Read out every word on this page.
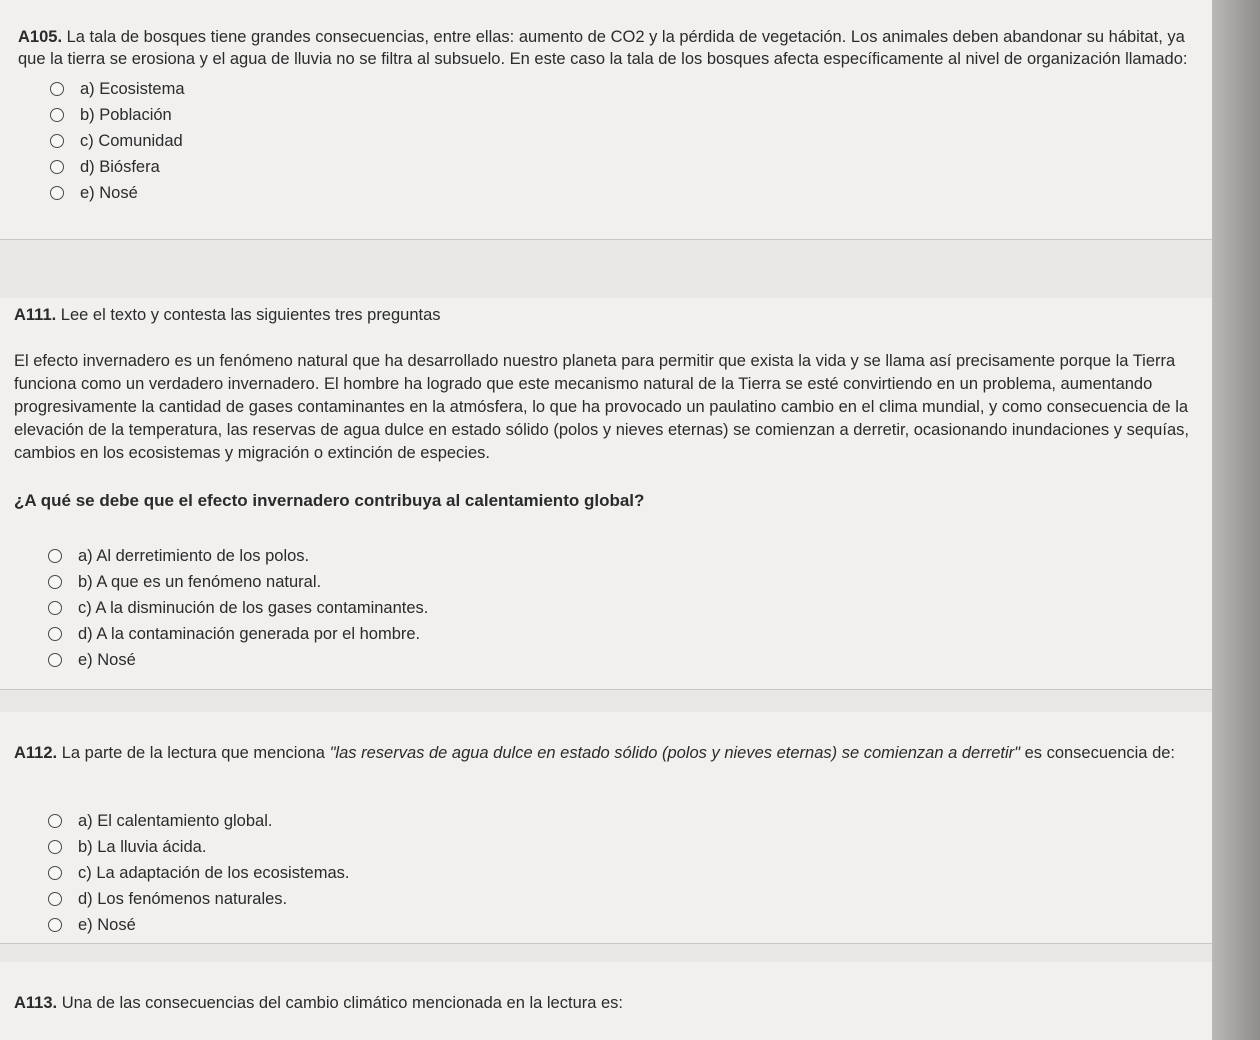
A105. La tala de bosques tiene grandes consecuencias, entre ellas: aumento de CO2 y la pérdida de vegetación. Los animales deben abandonar su hábitat, ya que la tierra se erosiona y el agua de lluvia no se filtra al subsuelo. En este caso la tala de los bosques afecta específicamente al nivel de organización llamado:

a) Ecosistema
b) Población
c) Comunidad
d) Biósfera
e) Nosé

A111. Lee el texto y contesta las siguientes tres preguntas

El efecto invernadero es un fenómeno natural que ha desarrollado nuestro planeta para permitir que exista la vida y se llama así precisamente porque la Tierra funciona como un verdadero invernadero. El hombre ha logrado que este mecanismo natural de la Tierra se esté convirtiendo en un problema, aumentando progresivamente la cantidad de gases contaminantes en la atmósfera, lo que ha provocado un paulatino cambio en el clima mundial, y como consecuencia de la elevación de la temperatura, las reservas de agua dulce en estado sólido (polos y nieves eternas) se comienzan a derretir, ocasionando inundaciones y sequías, cambios en los ecosistemas y migración o extinción de especies.

¿A qué se debe que el efecto invernadero contribuya al calentamiento global?

a) Al derretimiento de los polos.
b) A que es un fenómeno natural.
c) A la disminución de los gases contaminantes.
d) A la contaminación generada por el hombre.
e) Nosé

A112. La parte de la lectura que menciona "las reservas de agua dulce en estado sólido (polos y nieves eternas) se comienzan a derretir" es consecuencia de:

a) El calentamiento global.
b) La lluvia ácida.
c) La adaptación de los ecosistemas.
d) Los fenómenos naturales.
e) Nosé

A113. Una de las consecuencias del cambio climático mencionada en la lectura es:
